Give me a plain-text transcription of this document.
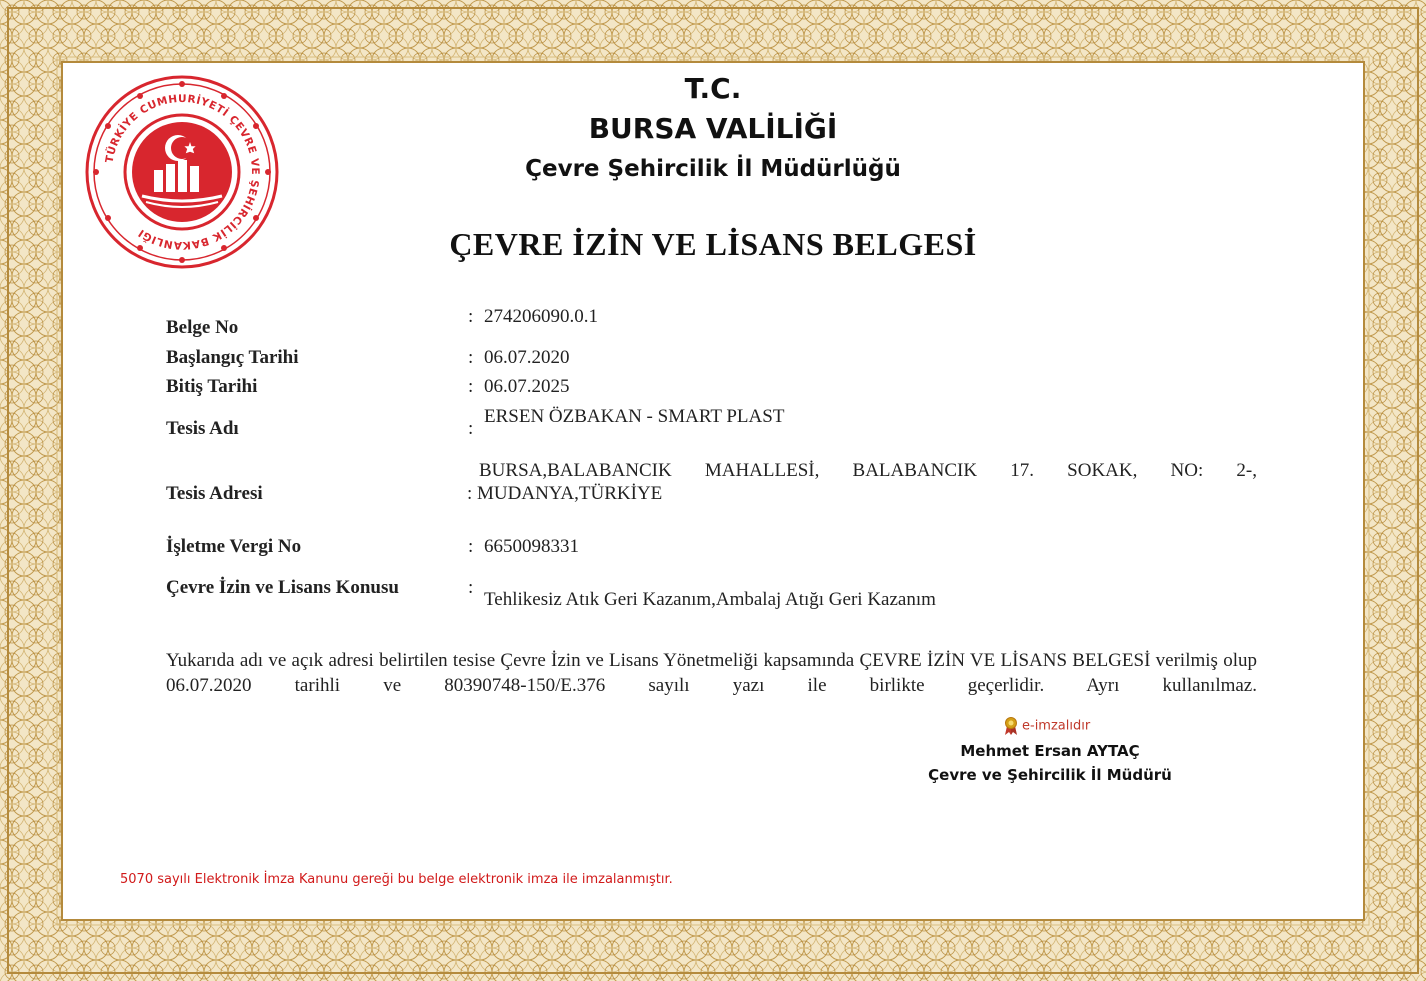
TÜRKİYE CUMHURİYETİ ÇEVRE VE ŞEHİRCİLİK BAKANLIĞI
T.C.
BURSA VALİLİĞİ
Çevre Şehircilik İl Müdürlüğü
ÇEVRE İZİN VE LİSANS BELGESİ
Belge No
: 274206090.0.1
Başlangıç Tarihi	: 06.07.2020
Bitiş Tarihi	: 06.07.2025
Tesis Adı	:
ERSEN ÖZBAKAN - SMART PLAST
Tesis Adresi
BURSA,BALABANCIK MAHALLESİ, BALABANCIK 17. SOKAK, NO: 2-,
: MUDANYA,TÜRKİYE
İşletme Vergi No	: 6650098331
Çevre İzin ve Lisans Konusu	:
Tehlikesiz Atık Geri Kazanım,Ambalaj Atığı Geri Kazanım
Yukarıda adı ve açık adresi belirtilen tesise Çevre İzin ve Lisans Yönetmeliği kapsamında ÇEVRE İZİN VE LİSANS BELGESİ verilmiş olup 06.07.2020 tarihli ve 80390748-150/E.376 sayılı yazı ile birlikte geçerlidir. Ayrı kullanılmaz.
e-imzalıdır
Mehmet Ersan AYTAÇ
Çevre ve Şehircilik İl Müdürü
5070 sayılı Elektronik İmza Kanunu gereği bu belge elektronik imza ile imzalanmıştır.
